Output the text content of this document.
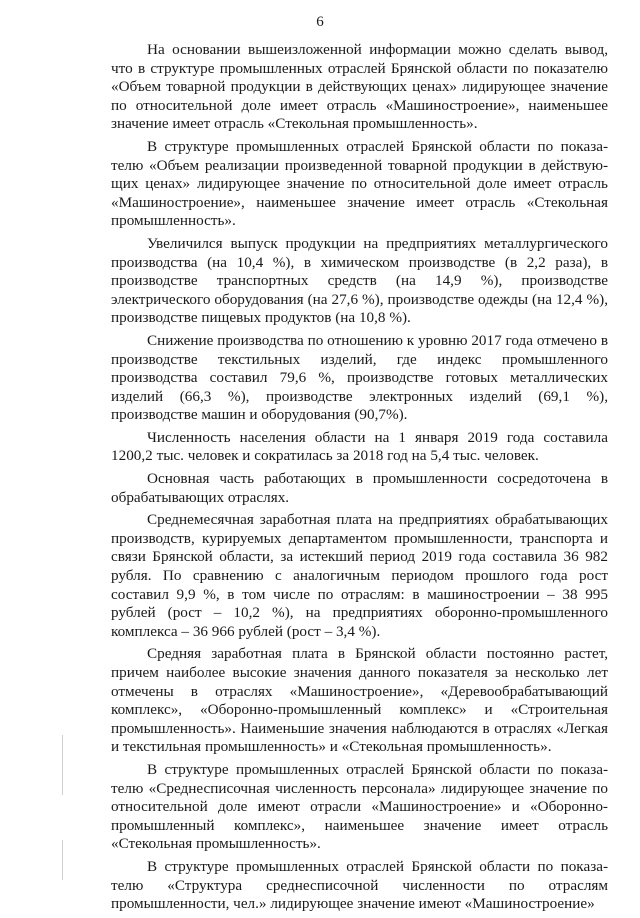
6

На основании вышеизложенной информации можно сделать вывод, что в структуре промышленных отраслей Брянской области по показателю «Объем товарной продукции в действующих ценах» лидирующее значение по относительной доле имеет отрасль «Машиностроение», наименьшее значение имеет отрасль «Стекольная промышленность».

В структуре промышленных отраслей Брянской области по показателю «Объем реализации произведенной товарной продукции в действующих ценах» лидирующее значение по относительной доле имеет отрасль «Машиностроение», наименьшее значение имеет отрасль «Стекольная промышленность».

Увеличился выпуск продукции на предприятиях металлургического производства (на 10,4 %), в химическом производстве (в 2,2 раза), в производстве транспортных средств (на 14,9 %), производстве электрического оборудования (на 27,6 %), производстве одежды (на 12,4 %), производстве пищевых продуктов (на 10,8 %).

Снижение производства по отношению к уровню 2017 года отмечено в производстве текстильных изделий, где индекс промышленного производства составил 79,6 %, производстве готовых металлических изделий (66,3 %), производстве электронных изделий (69,1 %), производстве машин и оборудования (90,7%).

Численность населения области на 1 января 2019 года составила 1200,2 тыс. человек и сократилась за 2018 год на 5,4 тыс. человек.

Основная часть работающих в промышленности сосредоточена в обрабатывающих отраслях.

Среднемесячная заработная плата на предприятиях обрабатывающих производств, курируемых департаментом промышленности, транспорта и связи Брянской области, за истекший период 2019 года составила 36 982 рубля. По сравнению с аналогичным периодом прошлого года рост составил 9,9 %, в том числе по отраслям: в машиностроении – 38 995 рублей (рост – 10,2 %), на предприятиях оборонно-промышленного комплекса – 36 966 рублей (рост – 3,4 %).

Средняя заработная плата в Брянской области постоянно растет, причем наиболее высокие значения данного показателя за несколько лет отмечены в отраслях «Машиностроение», «Деревообрабатывающий комплекс», «Оборонно-промышленный комплекс» и «Строительная промышленность». Наименьшие значения наблюдаются в отраслях «Легкая и текстильная промышленность» и «Стекольная промышленность».

В структуре промышленных отраслей Брянской области по показателю «Среднесписочная численность персонала» лидирующее значение по относительной доле имеют отрасли «Машиностроение» и «Оборонно-промышленный комплекс», наименьшее значение имеет отрасль «Стекольная промышленность».

В структуре промышленных отраслей Брянской области по показателю «Структура среднесписочной численности по отраслям промышленности, чел.» лидирующее значение имеют «Машиностроение»
